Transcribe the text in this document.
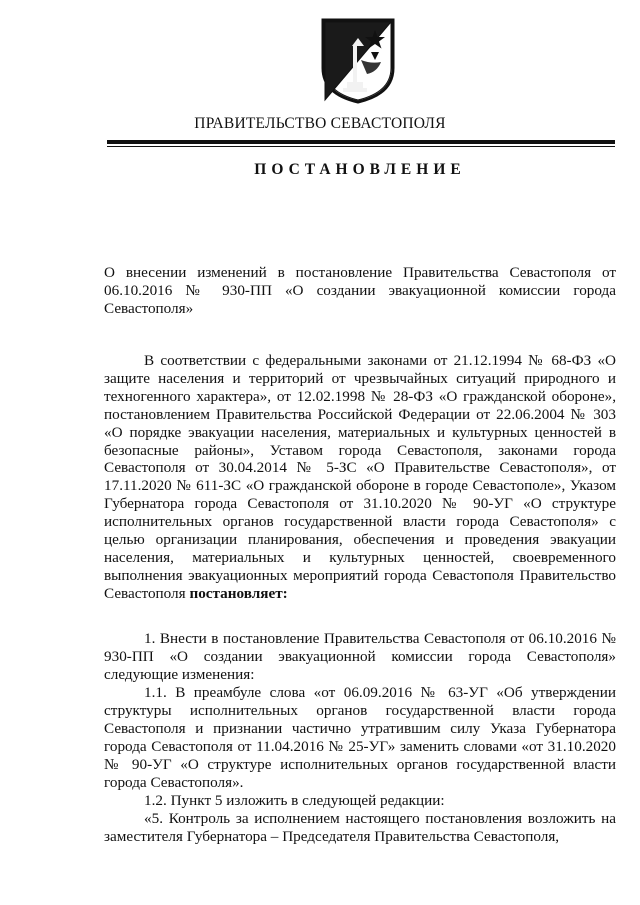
ПРАВИТЕЛЬСТВО СЕВАСТОПОЛЯ
ПОСТАНОВЛЕНИЕ
О внесении изменений в постановление Правительства Севастополя от 06.10.2016 № 930-ПП «О создании эвакуационной комиссии города Севастополя»
В соответствии с федеральными законами от 21.12.1994 № 68-ФЗ «О защите населения и территорий от чрезвычайных ситуаций природного и техногенного характера», от 12.02.1998 № 28-ФЗ «О гражданской обороне», постановлением Правительства Российской Федерации от 22.06.2004 № 303 «О порядке эвакуации населения, материальных и культурных ценностей в безопасные районы», Уставом города Севастополя, законами города Севастополя от 30.04.2014 № 5-ЗС «О Правительстве Севастополя», от 17.11.2020 № 611-ЗС «О гражданской обороне в городе Севастополе», Указом Губернатора города Севастополя от 31.10.2020 № 90-УГ «О структуре исполнительных органов государственной власти города Севастополя» с целью организации планирования, обеспечения и проведения эвакуации населения, материальных и культурных ценностей, своевременного выполнения эвакуационных мероприятий города Севастополя Правительство Севастополя постановляет:
1. Внести в постановление Правительства Севастополя от 06.10.2016 № 930-ПП «О создании эвакуационной комиссии города Севастополя» следующие изменения:
1.1. В преамбуле слова «от 06.09.2016 № 63-УГ «Об утверждении структуры исполнительных органов государственной власти города Севастополя и признании частично утратившим силу Указа Губернатора города Севастополя от 11.04.2016 № 25-УГ» заменить словами «от 31.10.2020 № 90-УГ «О структуре исполнительных органов государственной власти города Севастополя».
1.2. Пункт 5 изложить в следующей редакции:
«5. Контроль за исполнением настоящего постановления возложить на заместителя Губернатора – Председателя Правительства Севастополя,
